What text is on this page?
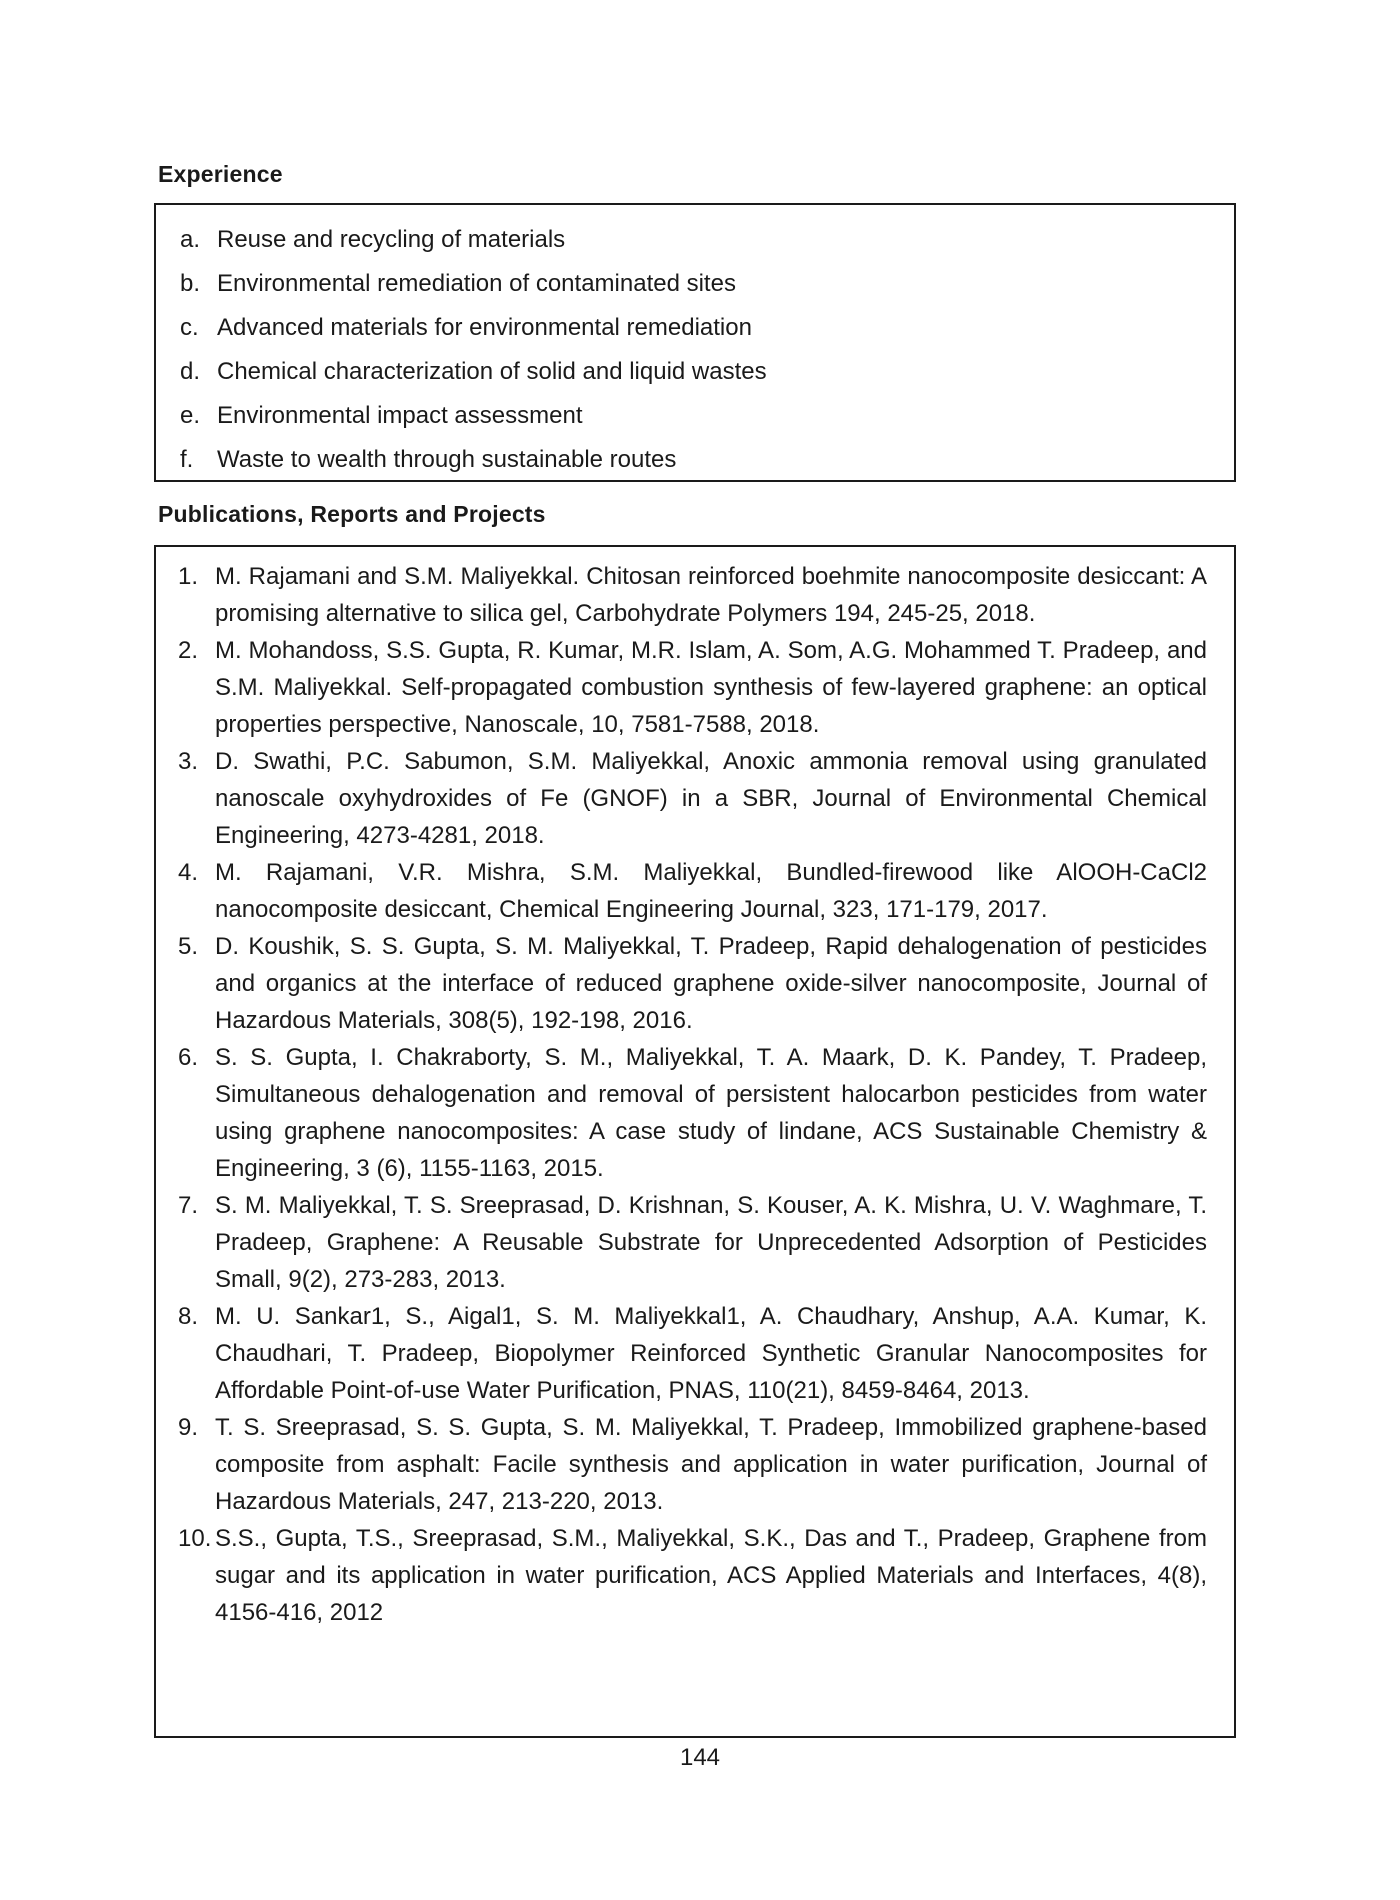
Experience
a. Reuse and recycling of materials
b. Environmental remediation of contaminated sites
c. Advanced materials for environmental remediation
d. Chemical characterization of solid and liquid wastes
e. Environmental impact assessment
f. Waste to wealth through sustainable routes
Publications, Reports and Projects
1. M. Rajamani and S.M. Maliyekkal. Chitosan reinforced boehmite nanocomposite desiccant: A promising alternative to silica gel, Carbohydrate Polymers 194, 245-25, 2018.
2. M. Mohandoss, S.S. Gupta, R. Kumar, M.R. Islam, A. Som, A.G. Mohammed T. Pradeep, and S.M. Maliyekkal. Self-propagated combustion synthesis of few-layered graphene: an optical properties perspective, Nanoscale, 10, 7581-7588, 2018.
3. D. Swathi, P.C. Sabumon, S.M. Maliyekkal, Anoxic ammonia removal using granulated nanoscale oxyhydroxides of Fe (GNOF) in a SBR, Journal of Environmental Chemical Engineering, 4273-4281, 2018.
4. M. Rajamani, V.R. Mishra, S.M. Maliyekkal, Bundled-firewood like AlOOH-CaCl2 nanocomposite desiccant, Chemical Engineering Journal, 323, 171-179, 2017.
5. D. Koushik, S. S. Gupta, S. M. Maliyekkal, T. Pradeep, Rapid dehalogenation of pesticides and organics at the interface of reduced graphene oxide-silver nanocomposite, Journal of Hazardous Materials, 308(5), 192-198, 2016.
6. S. S. Gupta, I. Chakraborty, S. M., Maliyekkal, T. A. Maark, D. K. Pandey, T. Pradeep, Simultaneous dehalogenation and removal of persistent halocarbon pesticides from water using graphene nanocomposites: A case study of lindane, ACS Sustainable Chemistry & Engineering, 3 (6), 1155-1163, 2015.
7. S. M. Maliyekkal, T. S. Sreeprasad, D. Krishnan, S. Kouser, A. K. Mishra, U. V. Waghmare, T. Pradeep, Graphene: A Reusable Substrate for Unprecedented Adsorption of Pesticides Small, 9(2), 273-283, 2013.
8. M. U. Sankar1, S., Aigal1, S. M. Maliyekkal1, A. Chaudhary, Anshup, A.A. Kumar, K. Chaudhari, T. Pradeep, Biopolymer Reinforced Synthetic Granular Nanocomposites for Affordable Point-of-use Water Purification, PNAS, 110(21), 8459-8464, 2013.
9. T. S. Sreeprasad, S. S. Gupta, S. M. Maliyekkal, T. Pradeep, Immobilized graphene-based composite from asphalt: Facile synthesis and application in water purification, Journal of Hazardous Materials, 247, 213-220, 2013.
10. S.S., Gupta, T.S., Sreeprasad, S.M., Maliyekkal, S.K., Das and T., Pradeep, Graphene from sugar and its application in water purification, ACS Applied Materials and Interfaces, 4(8), 4156-416, 2012
144
